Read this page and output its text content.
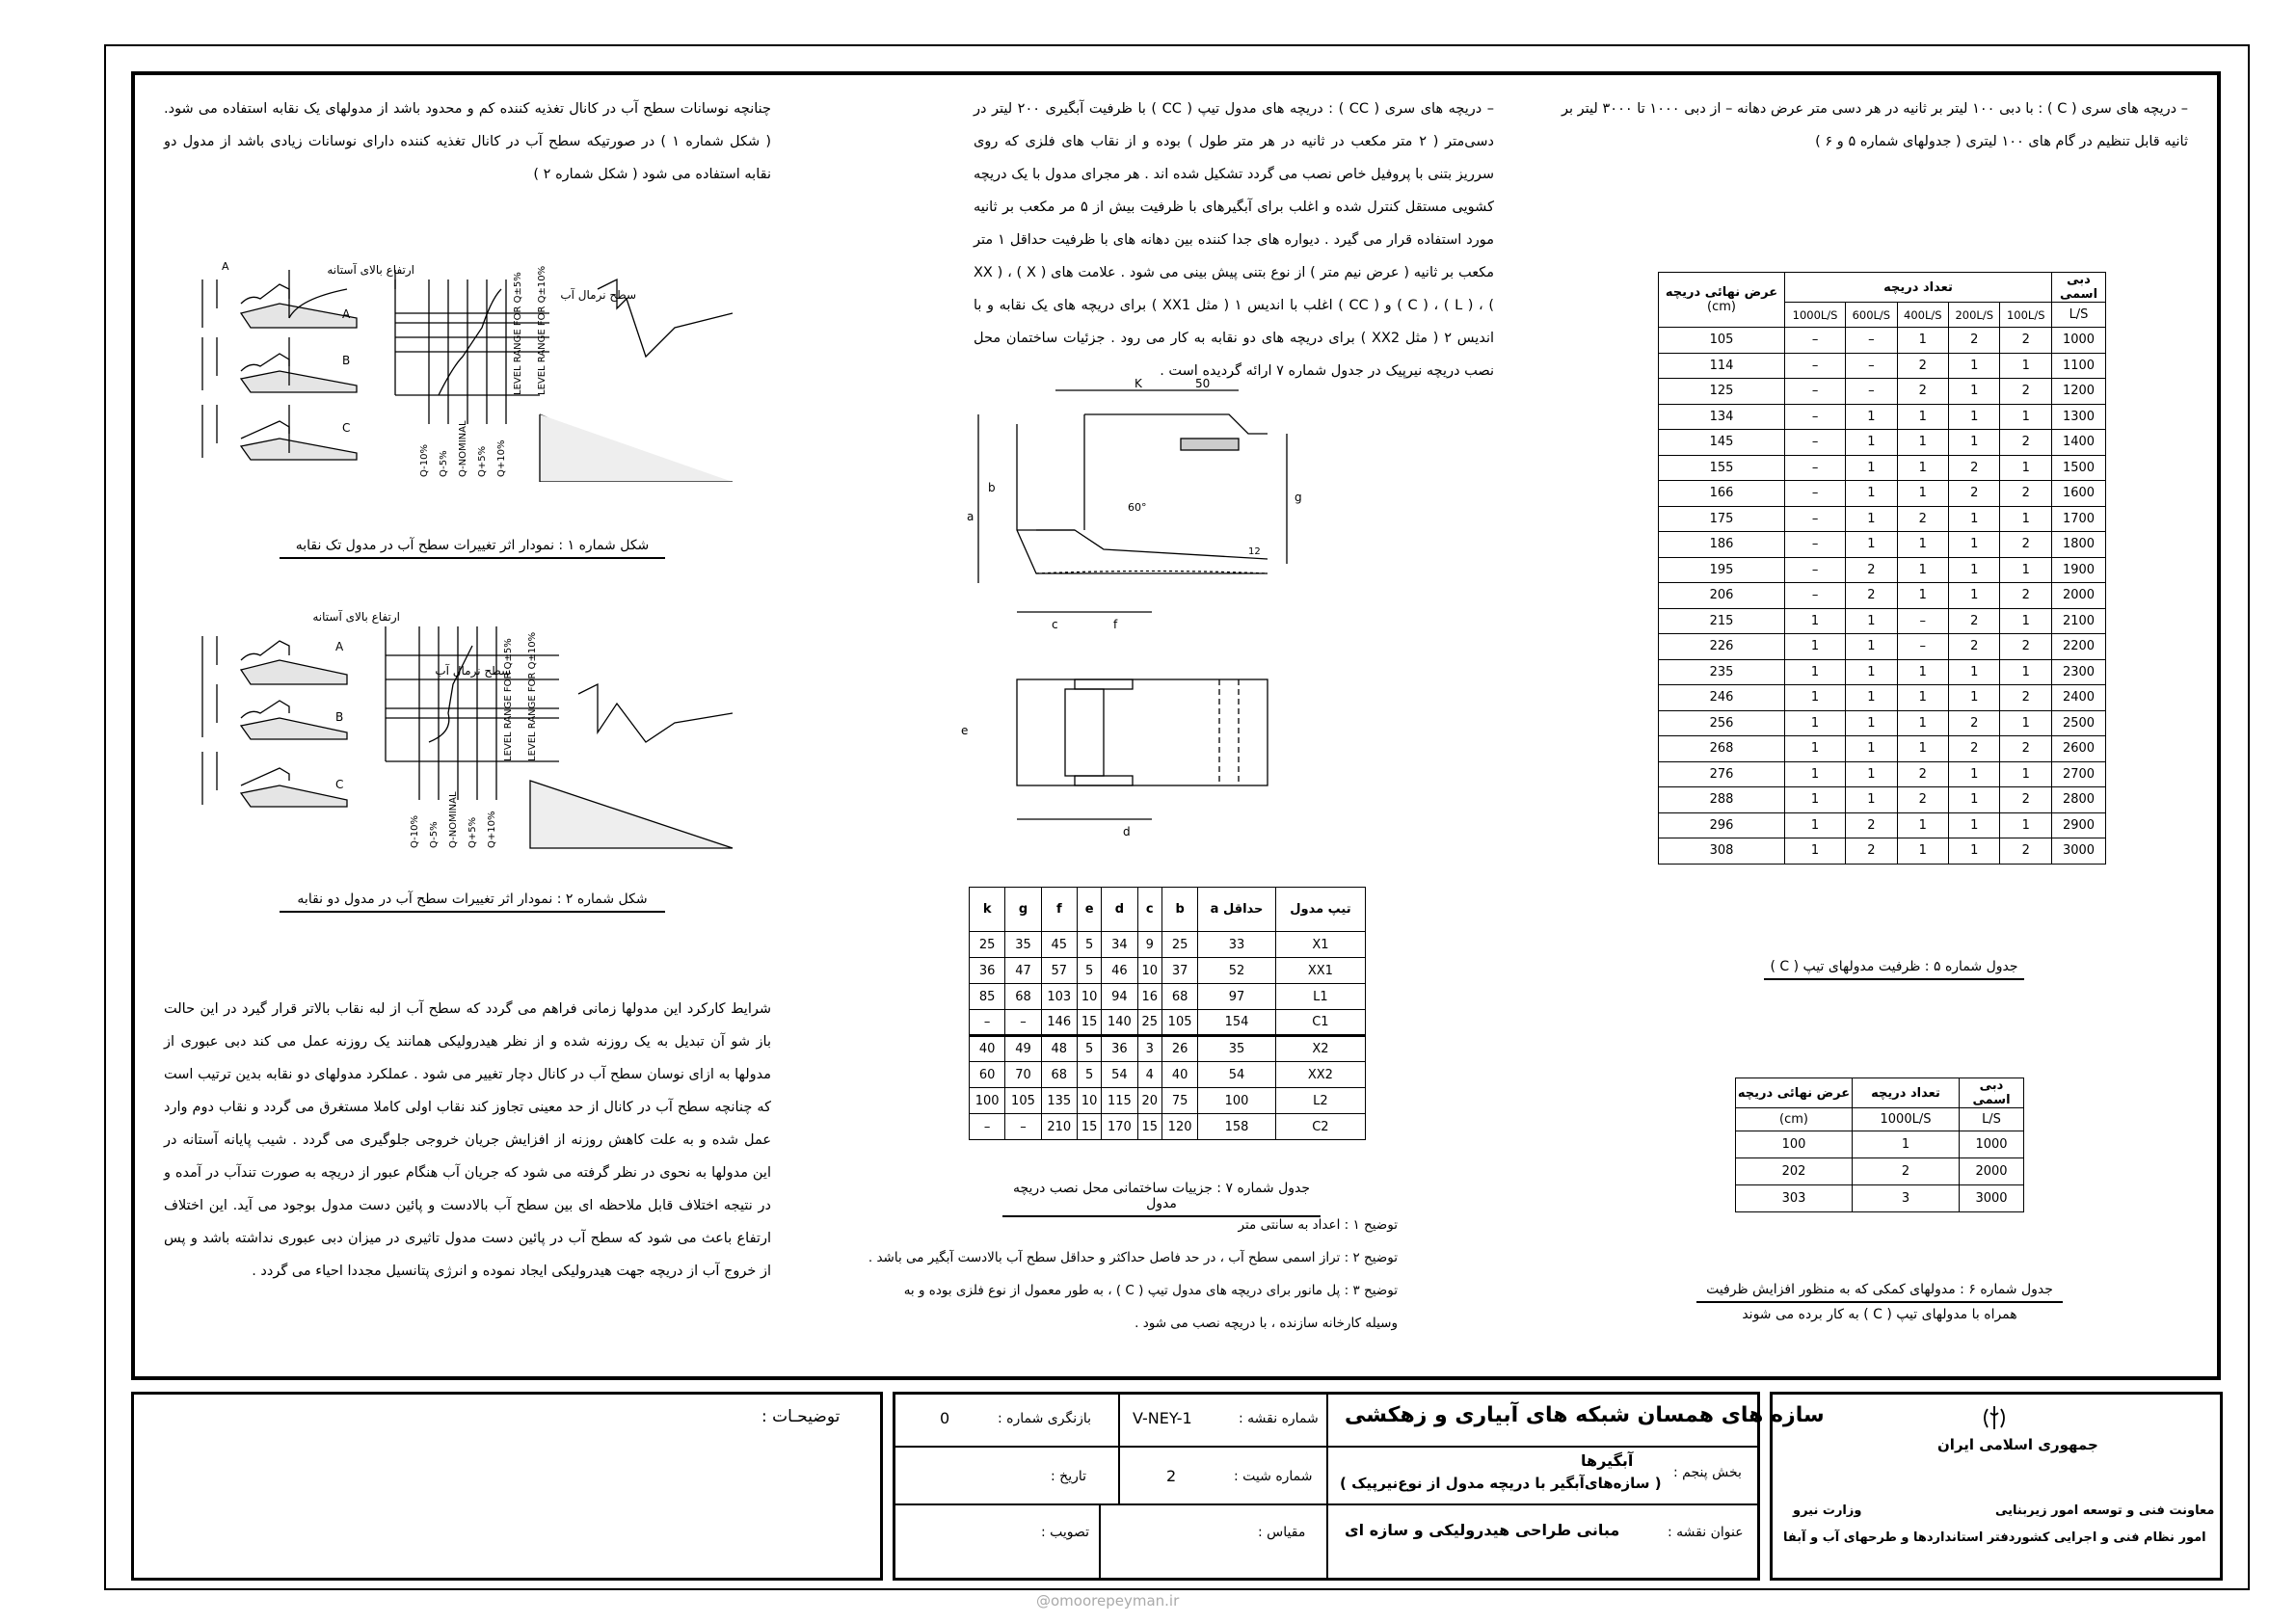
– دریچه های سری ( C ) : با دبی ۱۰۰ لیتر بر ثانیه در هر دسی متر عرض دهانه – از دبی ۱۰۰۰ تا ۳۰۰۰ لیتر بر ثانیه قابل تنظیم در گام های ۱۰۰ لیتری ( جدولهای شماره ۵ و ۶ )
– دریچه های سری ( CC ) : دریچه های مدول تیپ ( CC ) با ظرفیت آبگیری ۲۰۰ لیتر در دسی‌متر ( ۲ متر مکعب در ثانیه در هر متر طول ) بوده و از نقاب های فلزی که روی سرریز بتنی با پروفیل خاص نصب می گردد تشکیل شده اند . هر مجرای مدول با یک دریچه کشویی مستقل کنترل شده و اغلب برای آبگیرهای با ظرفیت بیش از ۵ مر مکعب بر ثانیه مورد استفاده قرار می گیرد . دیواره های جدا کننده بین دهانه های با ظرفیت حداقل ۱ متر مکعب بر ثانیه ( عرض نیم متر ) از نوع بتنی پیش بینی می شود . علامت های ( X ) ، ( XX ) ، ( L ) ، ( C ) و ( CC ) اغلب با اندیس ۱ ( مثل XX1 ) برای دریچه های یک نقابه و با اندیس ۲ ( مثل XX2 ) برای دریچه های دو نقابه به کار می رود . جزئیات ساختمان محل نصب دریچه نیرپیک در جدول شماره ۷ ارائه گردیده است .
چنانچه نوسانات سطح آب در کانال تغذیه کننده کم و محدود باشد از مدولهای یک نقابه استفاده می شود. ( شکل شماره ۱ ) در صورتیکه سطح آب در کانال تغذیه کننده دارای نوسانات زیادی باشد از مدول دو نقابه استفاده می شود ( شکل شماره ۲ )
ارتفاع بالای آستانه
سطح نرمال آب
A
A
B
C
LEVEL RANGE FOR Q±5% LEVEL RANGE FOR Q±10%
Q-10% Q-5% Q-NOMINAL Q+5% Q+10%
شکل شماره ۱ : نمودار اثر تغییرات سطح آب در مدول تک نقابه
ارتفاع بالای آستانه
سطح نرمال آب
A
B
C
LEVEL RANGE FOR Q±5% LEVEL RANGE FOR Q±10%
Q-10% Q-5% Q-NOMINAL Q+5% Q+10%
شکل شماره ۲ : نمودار اثر تغییرات سطح آب در مدول دو نقابه
شرایط کارکرد این مدولها زمانی فراهم می گردد که سطح آب از لبه نقاب بالاتر قرار گیرد در این حالت باز شو آن تبدیل به یک روزنه شده و از نظر هیدرولیکی همانند یک روزنه عمل می کند دبی عبوری از مدولها به ازای نوسان سطح آب در کانال دچار تغییر می شود . عملکرد مدولهای دو نقابه بدین ترتیب است که چنانچه سطح آب در کانال از حد معینی تجاوز کند نقاب اولی کاملا مستغرق می گردد و نقاب دوم وارد عمل شده و به علت کاهش روزنه از افزایش جریان خروجی جلوگیری می گردد . شیب پایانه آستانه در این مدولها به نحوی در نظر گرفته می شود که جریان آب هنگام عبور از دریچه به صورت تندآب در آمده و در نتیجه اختلاف قابل ملاحظه ای بین سطح آب بالادست و پائین دست مدول بوجود می آید. این اختلاف ارتفاع باعث می شود که سطح آب در پائین دست مدول تاثیری در میزان دبی عبوری نداشته باشد و پس از خروج آب از دریچه جهت هیدرولیکی ایجاد نموده و انرژی پتانسیل مجددا احیاء می گردد .
K	50
a
b
g
c	f
e
d
60°
12
k	g	f	e	d	c	b	a حداقل	تیپ مدول
25	35	45	5	34	9	25	33	X1
36	47	57	5	46	10	37	52	XX1
85	68	103	10	94	16	68	97	L1
–	–	146	15	140	25	105	154	C1
40	49	48	5	36	3	26	35	X2
60	70	68	5	54	4	40	54	XX2
100	105	135	10	115	20	75	100	L2
–	–	210	15	170	15	120	158	C2
جدول شماره ۷ : جزییات ساختمانی محل نصب دریچه مدول
توضیح ۱ : اعداد به سانتی متر
توضیح ۲ : تراز اسمی سطح آب ، در حد فاصل حداکثر و حداقل سطح آب بالادست آبگیر می باشد .
توضیح ۳ : پل مانور برای دریچه های مدول تیپ ( C ) ، به طور معمول از نوع فلزی بوده و به وسیله کارخانه سازنده ، با دریچه نصب می شود .
عرض نهائی دریچه
(cm)	تعداد دریچه					دبی اسمی
	1000L/S	600L/S	400L/S	200L/S	100L/S	L/S
105	–	–	1	2	2	1000
114	–	–	2	1	1	1100
125	–	–	2	1	2	1200
134	–	1	1	1	1	1300
145	–	1	1	1	2	1400
155	–	1	1	2	1	1500
166	–	1	1	2	2	1600
175	–	1	2	1	1	1700
186	–	1	1	1	2	1800
195	–	2	1	1	1	1900
206	–	2	1	1	2	2000
215	1	1	–	2	1	2100
226	1	1	–	2	2	2200
235	1	1	1	1	1	2300
246	1	1	1	1	2	2400
256	1	1	1	2	1	2500
268	1	1	1	2	2	2600
276	1	1	2	1	1	2700
288	1	1	2	1	2	2800
296	1	2	1	1	1	2900
308	1	2	1	1	2	3000
جدول شماره ۵ : ظرفیت مدولهای تیپ ( C )
عرض نهائی دریچه	تعداد دریچه	دبی اسمی
(cm)	1000L/S	L/S
100	1	1000
202	2	2000
303	3	3000
جدول شماره ۶ : مدولهای کمکی که به منظور افزایش ظرفیت
همراه با مدولهای تیپ ( C ) به کار برده می شوند
توضیحـات :	سازه های همسان شبکه های آبیاری و زهکشی
بخش پنجم :
آبگیرها
( سازه‌های‌آبگیر با دریچه مدول از نوع‌نیرپیک )
عنوان نقشه :
مبانی طراحی هیدرولیکی و سازه ای
شماره نقشه :
V-NEY-1
بازنگری شماره :
0
شماره شیت :
2
تاریخ :
مقیاس :
تصویب :
جمهوری اسلامی ایران
معاونت فنی و توسعه امور زیربنایی
امور نظام فنی و اجرایی کشور
وزارت نیرو
دفتر استانداردها و طرحهای آب و آبفا
@omoorepeyman.ir
